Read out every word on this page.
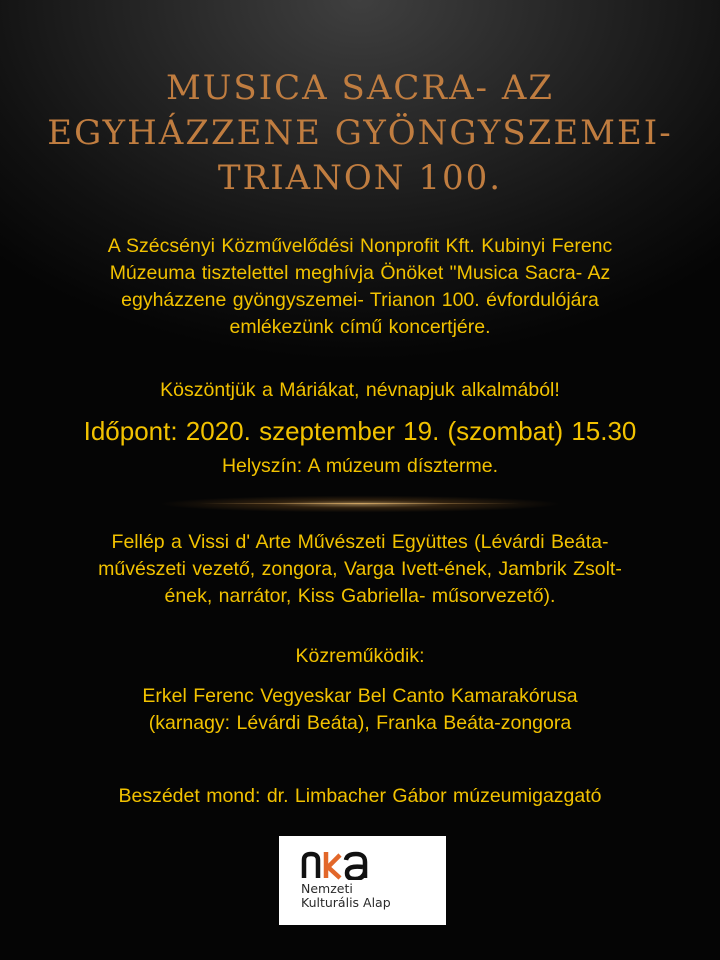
MUSICA SACRA- AZ
EGYHÁZZENE GYÖNGYSZEMEI-
TRIANON 100.

A Szécsényi Közművelődési Nonprofit Kft. Kubinyi Ferenc
Múzeuma tisztelettel meghívja Önöket "Musica Sacra- Az
egyházzene gyöngyszemei- Trianon 100. évfordulójára
emlékezünk című koncertjére.

Köszöntjük a Máriákat, névnapjuk alkalmából!

Időpont: 2020. szeptember 19. (szombat) 15.30

Helyszín: A múzeum díszterme.

Fellép a Vissi d' Arte Művészeti Együttes (Lévárdi Beáta-
művészeti vezető, zongora, Varga Ivett-ének, Jambrik Zsolt-
ének, narrátor, Kiss Gabriella- műsorvezető).

Közreműködik:

Erkel Ferenc Vegyeskar Bel Canto Kamarakórusa
(karnagy: Lévárdi Beáta), Franka Beáta-zongora

Beszédet mond: dr. Limbacher Gábor múzeumigazgató

Nemzeti
Kulturális Alap
